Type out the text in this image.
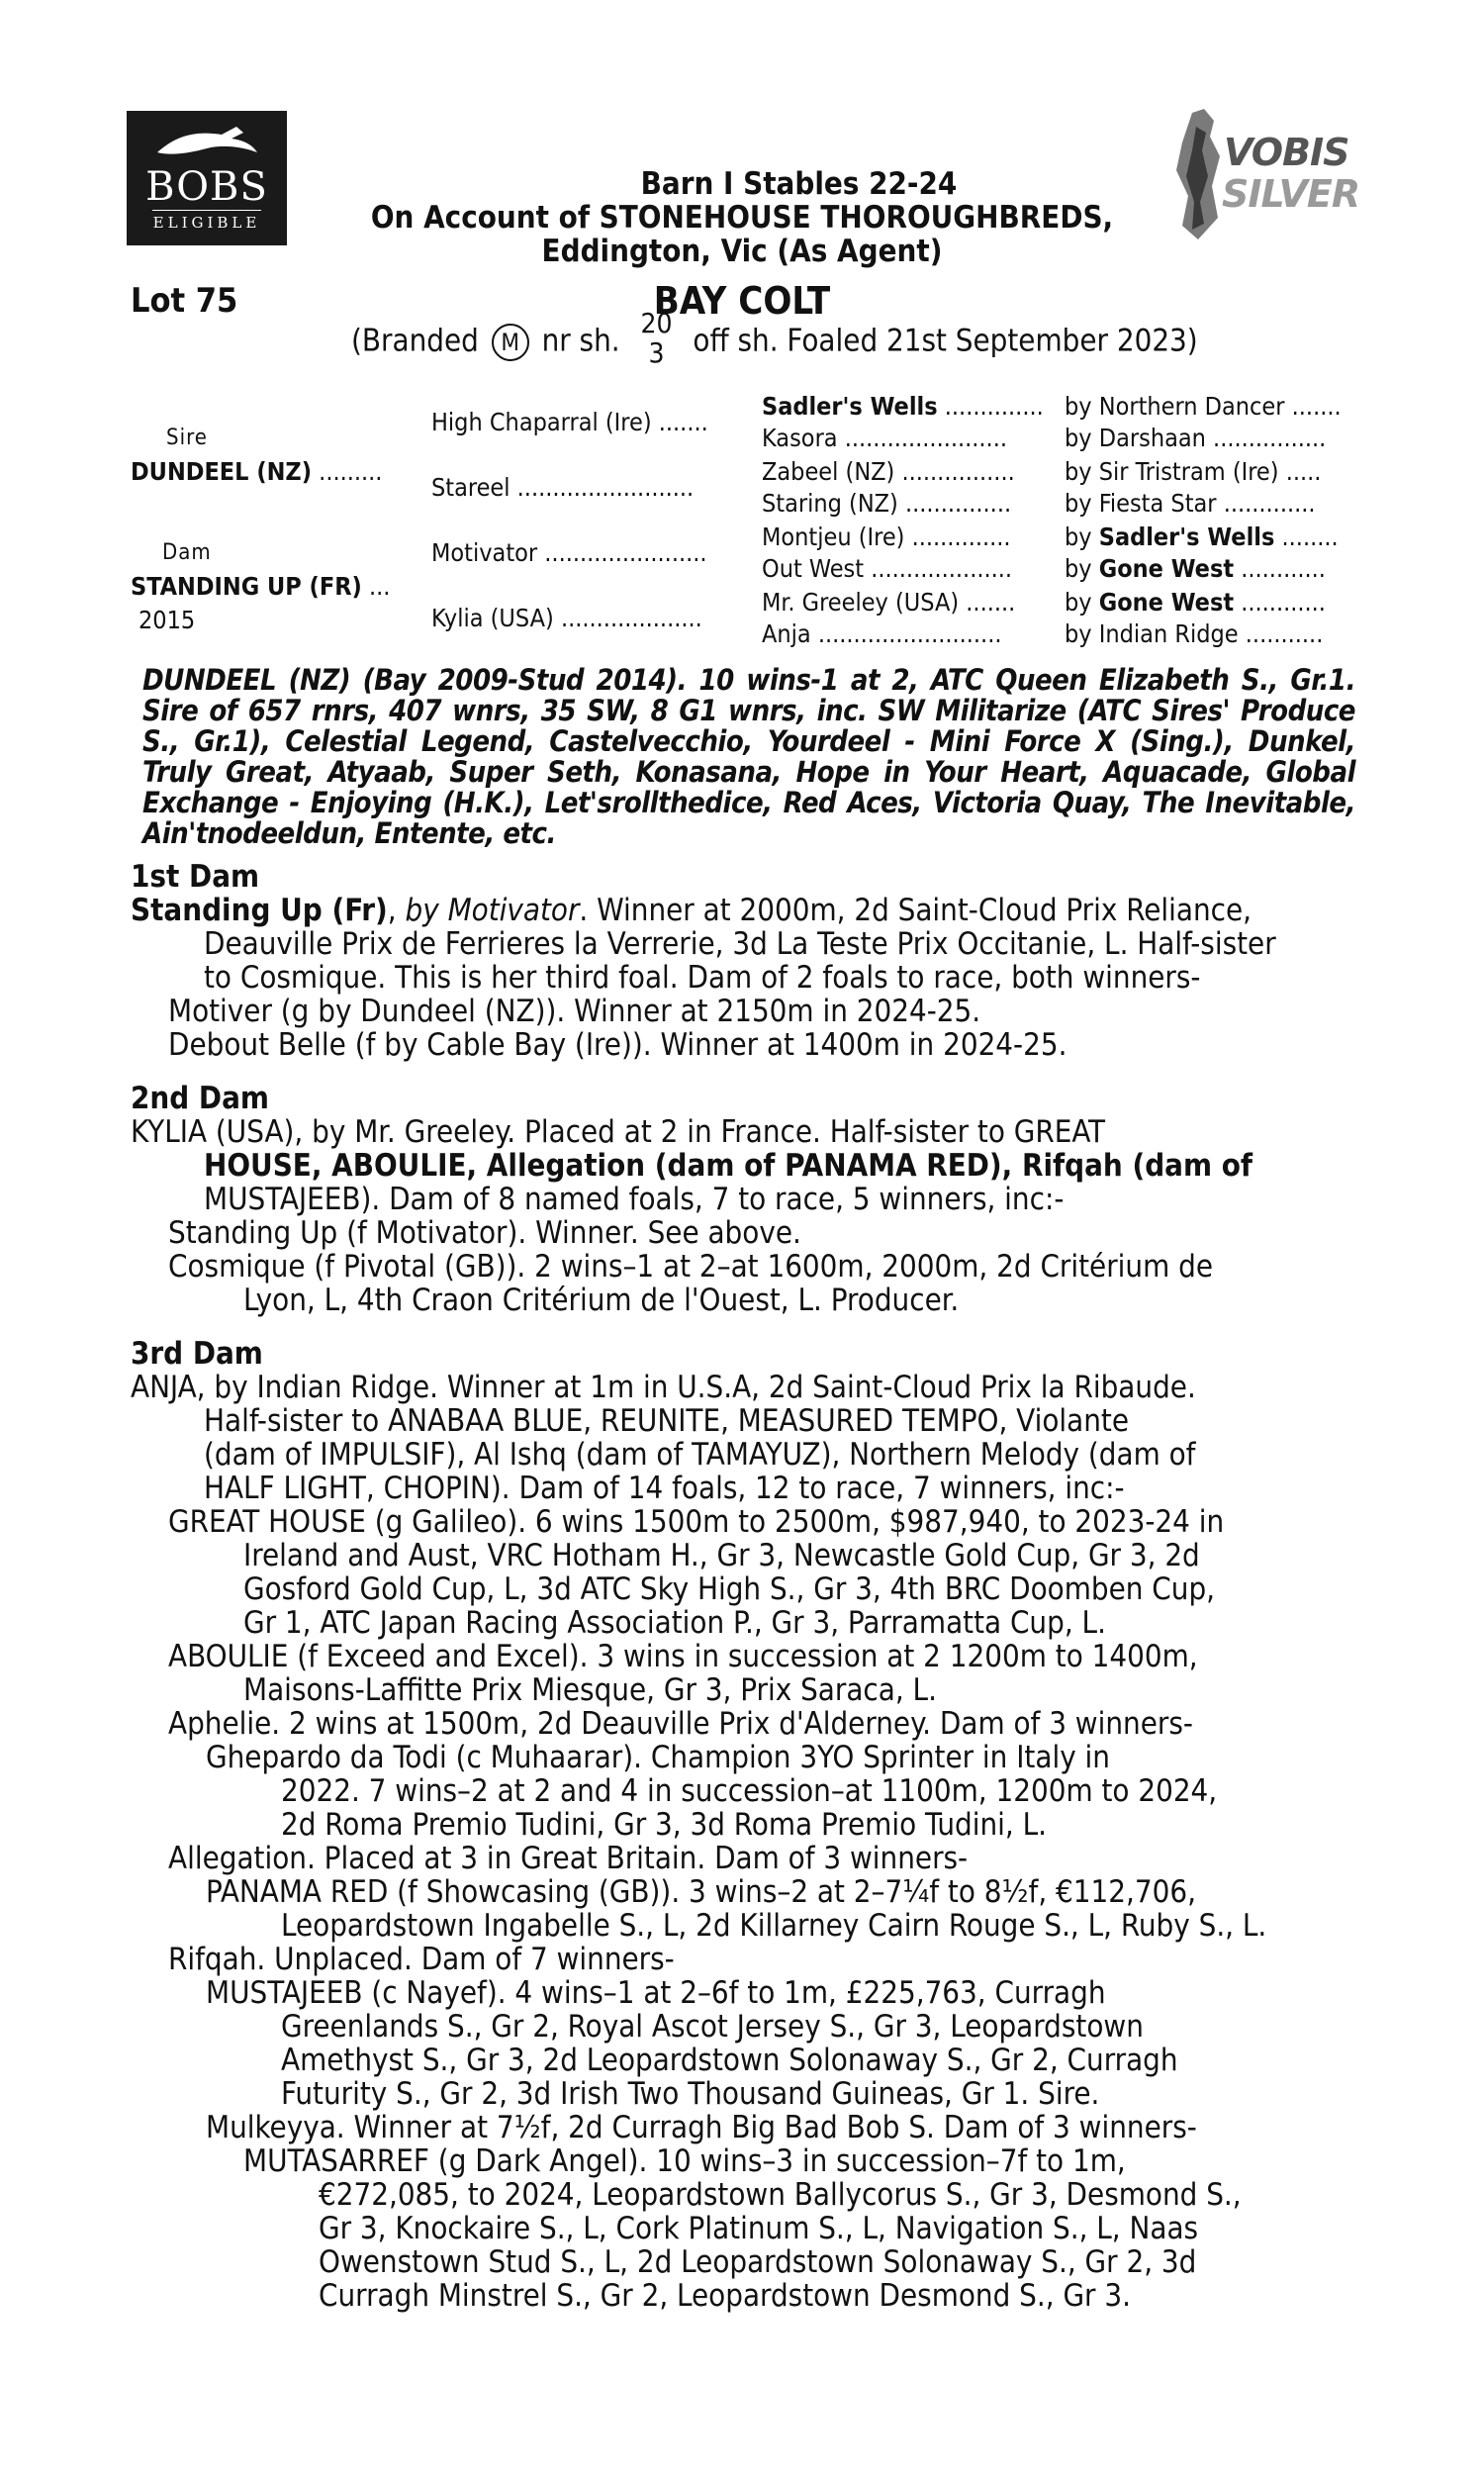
BOBS
ELIGIBLE
VOBIS
SILVER
Barn I Stables 22-24
On Account of STONEHOUSE THOROUGHBREDS,
Eddington, Vic (As Agent)
Lot 75	BAY COLT
(Branded M nr sh. 20
3 off sh. Foaled 21st September 2023)
Sire
DUNDEEL (NZ) .........
Dam
STANDING UP (FR) ...
2015
High Chaparral (Ire) .......
Stareel .........................
Motivator .......................
Kylia (USA) ....................
Sadler's Wells ..............
Kasora .......................
Zabeel (NZ) ................
Staring (NZ) ...............
Montjeu (Ire) ..............
Out West ....................
Mr. Greeley (USA) .......
Anja ..........................
by Northern Dancer .......
by Darshaan ................
by Sir Tristram (Ire) .....
by Fiesta Star .............
by Sadler's Wells ........
by Gone West ............
by Gone West ............
by Indian Ridge ...........
DUNDEEL (NZ) (Bay 2009-Stud 2014). 10 wins-1 at 2, ATC Queen Elizabeth S., Gr.1. Sire of 657 rnrs, 407 wnrs, 35 SW, 8 G1 wnrs, inc. SW Militarize (ATC Sires' Produce S., Gr.1), Celestial Legend, Castelvecchio, Yourdeel - Mini Force X (Sing.), Dunkel, Truly Great, Atyaab, Super Seth, Konasana, Hope in Your Heart, Aquacade, Global Exchange - Enjoying (H.K.), Let'srollthedice, Red Aces, Victoria Quay, The Inevitable, Ain'tnodeeldun, Entente, etc.
1st Dam
Standing Up (Fr), by Motivator. Winner at 2000m, 2d Saint-Cloud Prix Reliance,
Deauville Prix de Ferrieres la Verrerie, 3d La Teste Prix Occitanie, L. Half-sister
to Cosmique. This is her third foal. Dam of 2 foals to race, both winners-
Motiver (g by Dundeel (NZ)). Winner at 2150m in 2024-25.
Debout Belle (f by Cable Bay (Ire)). Winner at 1400m in 2024-25.
2nd Dam
KYLIA (USA), by Mr. Greeley. Placed at 2 in France. Half-sister to GREAT
HOUSE, ABOULIE, Allegation (dam of PANAMA RED), Rifqah (dam of
MUSTAJEEB). Dam of 8 named foals, 7 to race, 5 winners, inc:-
Standing Up (f Motivator). Winner. See above.
Cosmique (f Pivotal (GB)). 2 wins–1 at 2–at 1600m, 2000m, 2d Critérium de
Lyon, L, 4th Craon Critérium de l'Ouest, L. Producer.
3rd Dam
ANJA, by Indian Ridge. Winner at 1m in U.S.A, 2d Saint-Cloud Prix la Ribaude.
Half-sister to ANABAA BLUE, REUNITE, MEASURED TEMPO, Violante
(dam of IMPULSIF), Al Ishq (dam of TAMAYUZ), Northern Melody (dam of
HALF LIGHT, CHOPIN). Dam of 14 foals, 12 to race, 7 winners, inc:-
GREAT HOUSE (g Galileo). 6 wins 1500m to 2500m, $987,940, to 2023-24 in
Ireland and Aust, VRC Hotham H., Gr 3, Newcastle Gold Cup, Gr 3, 2d
Gosford Gold Cup, L, 3d ATC Sky High S., Gr 3, 4th BRC Doomben Cup,
Gr 1, ATC Japan Racing Association P., Gr 3, Parramatta Cup, L.
ABOULIE (f Exceed and Excel). 3 wins in succession at 2 1200m to 1400m,
Maisons-Laffitte Prix Miesque, Gr 3, Prix Saraca, L.
Aphelie. 2 wins at 1500m, 2d Deauville Prix d'Alderney. Dam of 3 winners-
Ghepardo da Todi (c Muhaarar). Champion 3YO Sprinter in Italy in
2022. 7 wins–2 at 2 and 4 in succession–at 1100m, 1200m to 2024,
2d Roma Premio Tudini, Gr 3, 3d Roma Premio Tudini, L.
Allegation. Placed at 3 in Great Britain. Dam of 3 winners-
PANAMA RED (f Showcasing (GB)). 3 wins–2 at 2–7¼f to 8½f, €112,706,
Leopardstown Ingabelle S., L, 2d Killarney Cairn Rouge S., L, Ruby S., L.
Rifqah. Unplaced. Dam of 7 winners-
MUSTAJEEB (c Nayef). 4 wins–1 at 2–6f to 1m, £225,763, Curragh
Greenlands S., Gr 2, Royal Ascot Jersey S., Gr 3, Leopardstown
Amethyst S., Gr 3, 2d Leopardstown Solonaway S., Gr 2, Curragh
Futurity S., Gr 2, 3d Irish Two Thousand Guineas, Gr 1. Sire.
Mulkeyya. Winner at 7½f, 2d Curragh Big Bad Bob S. Dam of 3 winners-
MUTASARREF (g Dark Angel). 10 wins–3 in succession–7f to 1m,
€272,085, to 2024, Leopardstown Ballycorus S., Gr 3, Desmond S.,
Gr 3, Knockaire S., L, Cork Platinum S., L, Navigation S., L, Naas
Owenstown Stud S., L, 2d Leopardstown Solonaway S., Gr 2, 3d
Curragh Minstrel S., Gr 2, Leopardstown Desmond S., Gr 3.
